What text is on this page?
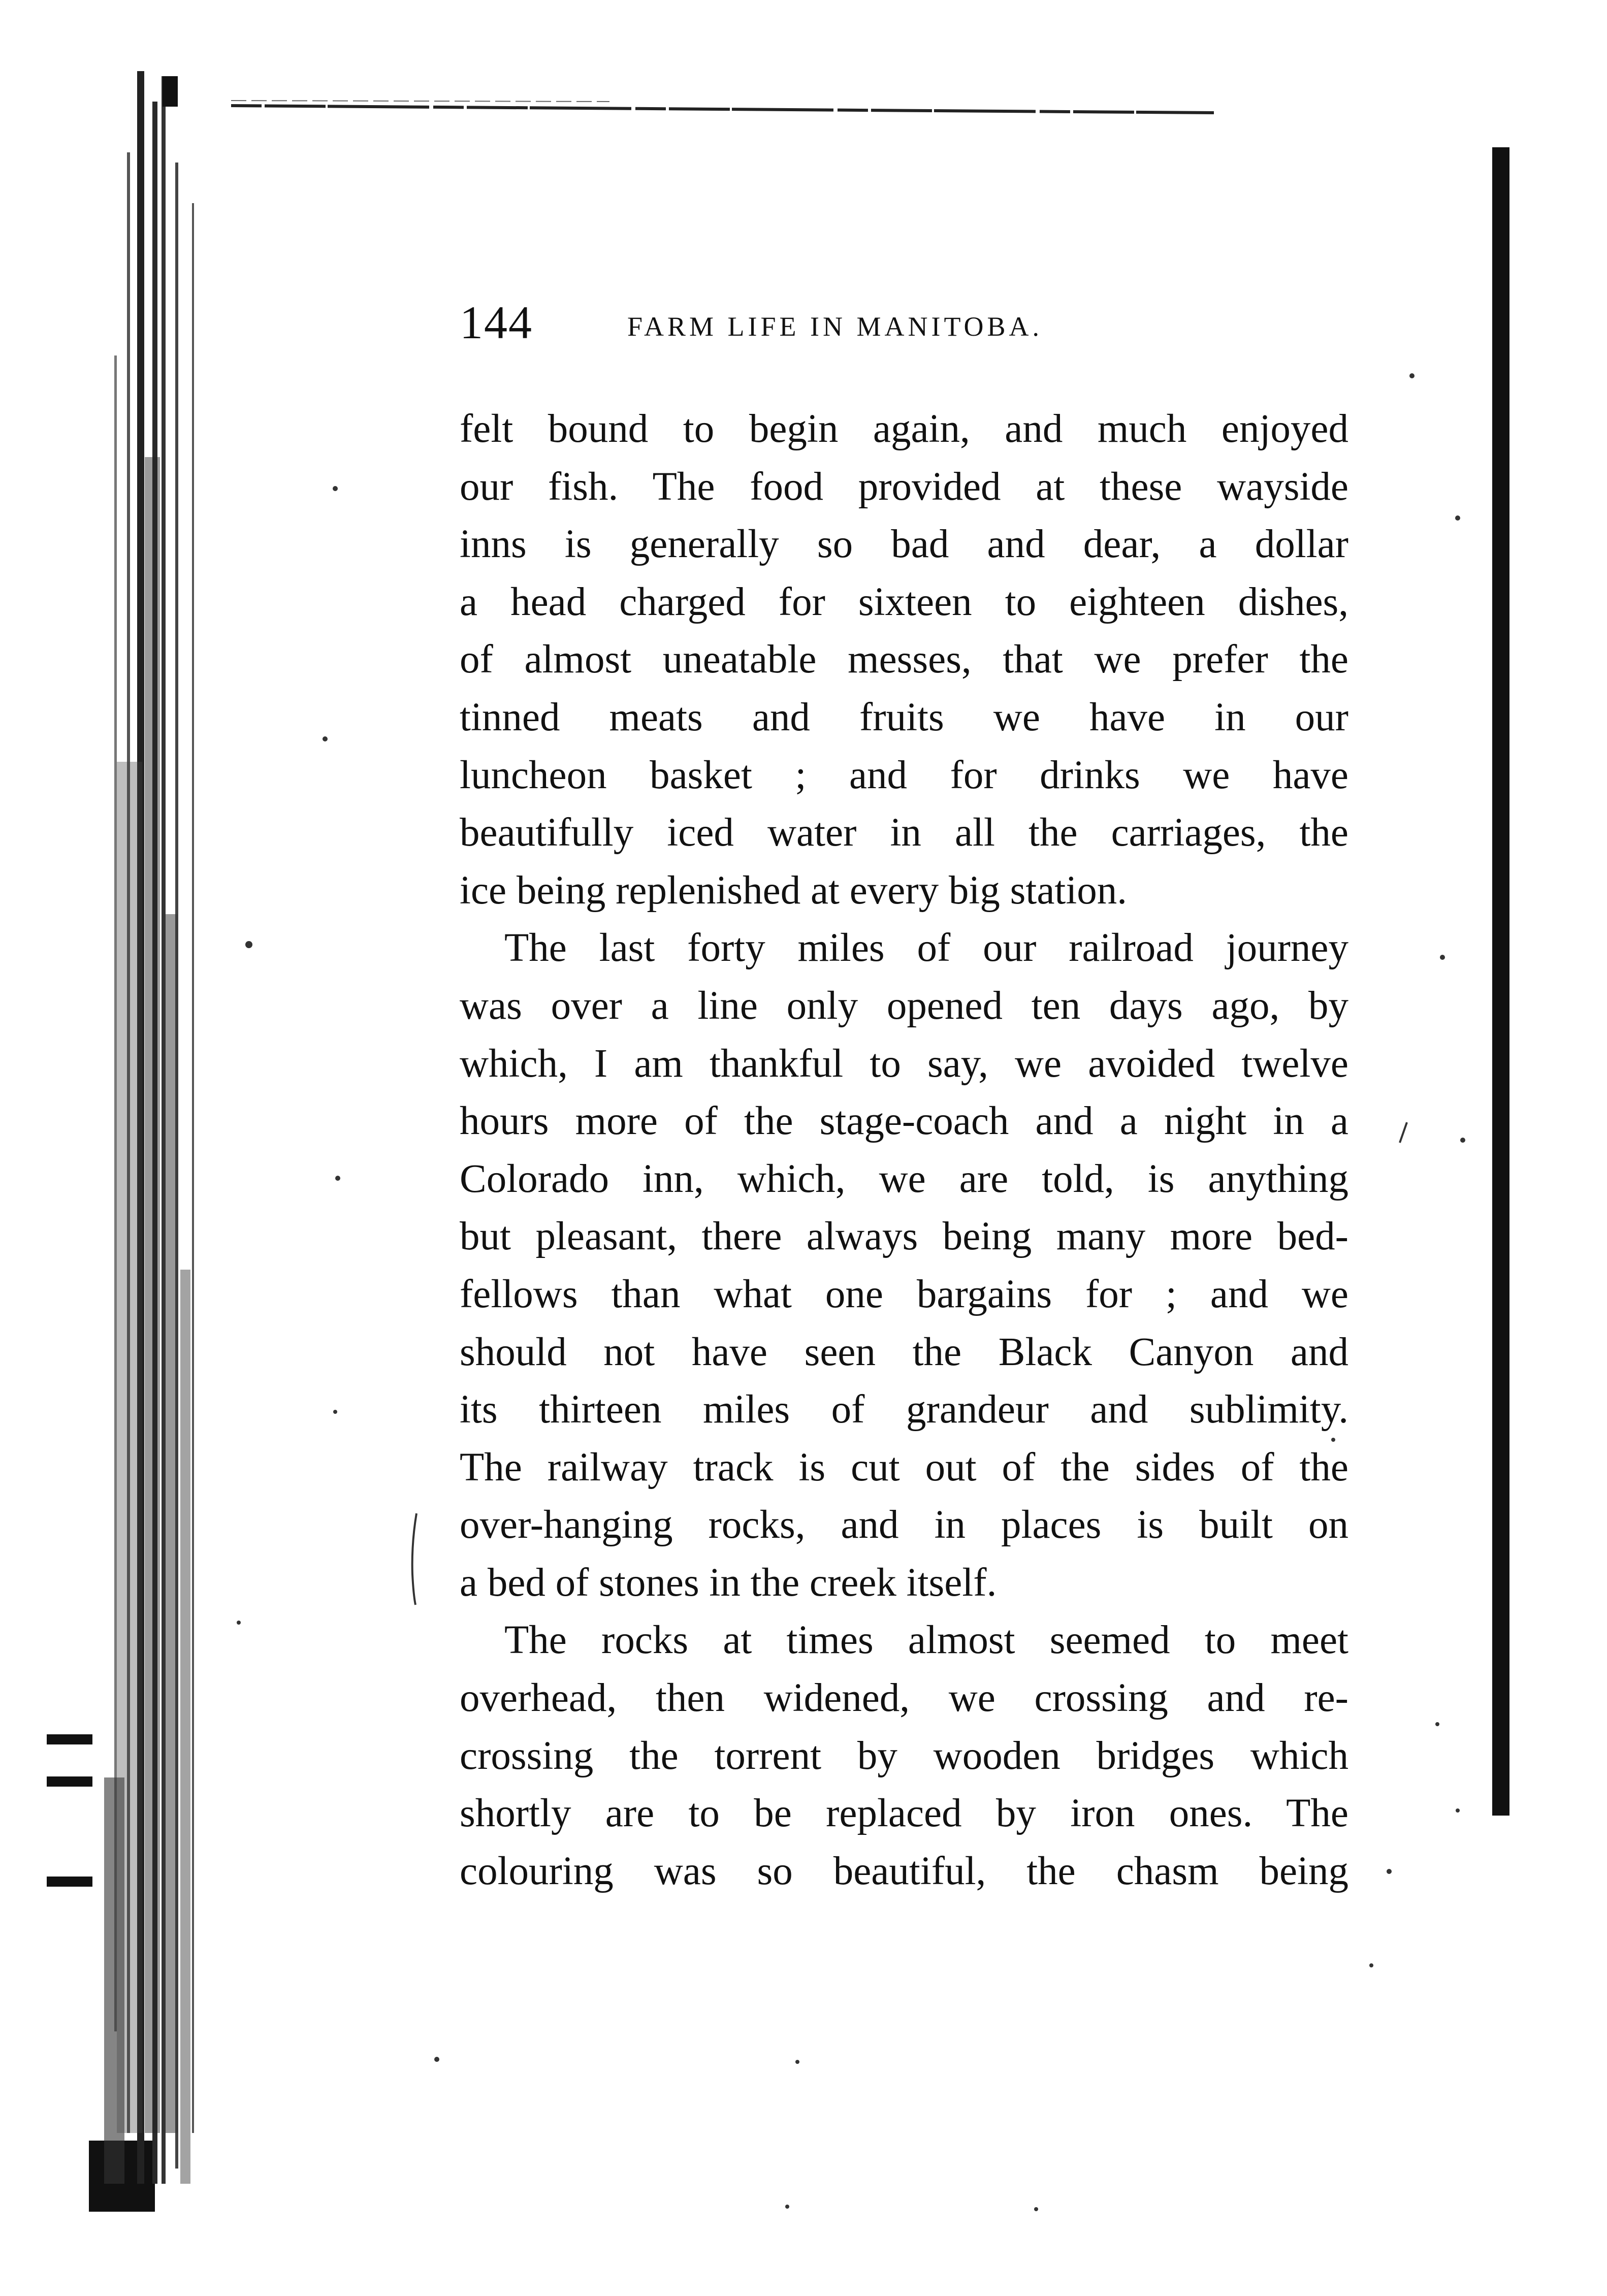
144	FARM LIFE IN MANITOBA.

felt bound to begin again, and much enjoyed
our fish. The food provided at these wayside
inns is generally so bad and dear, a dollar
a head charged for sixteen to eighteen dishes,
of almost uneatable messes, that we prefer the
tinned meats and fruits we have in our
luncheon basket ; and for drinks we have
beautifully iced water in all the carriages, the
ice being replenished at every big station.

The last forty miles of our railroad journey
was over a line only opened ten days ago, by
which, I am thankful to say, we avoided twelve
hours more of the stage-coach and a night in a
Colorado inn, which, we are told, is anything
but pleasant, there always being many more bed-
fellows than what one bargains for ; and we
should not have seen the Black Canyon and
its thirteen miles of grandeur and sublimity.
The railway track is cut out of the sides of the
over-hanging rocks, and in places is built on
a bed of stones in the creek itself.

The rocks at times almost seemed to meet
overhead, then widened, we crossing and re-
crossing the torrent by wooden bridges which
shortly are to be replaced by iron ones. The
colouring was so beautiful, the chasm being
